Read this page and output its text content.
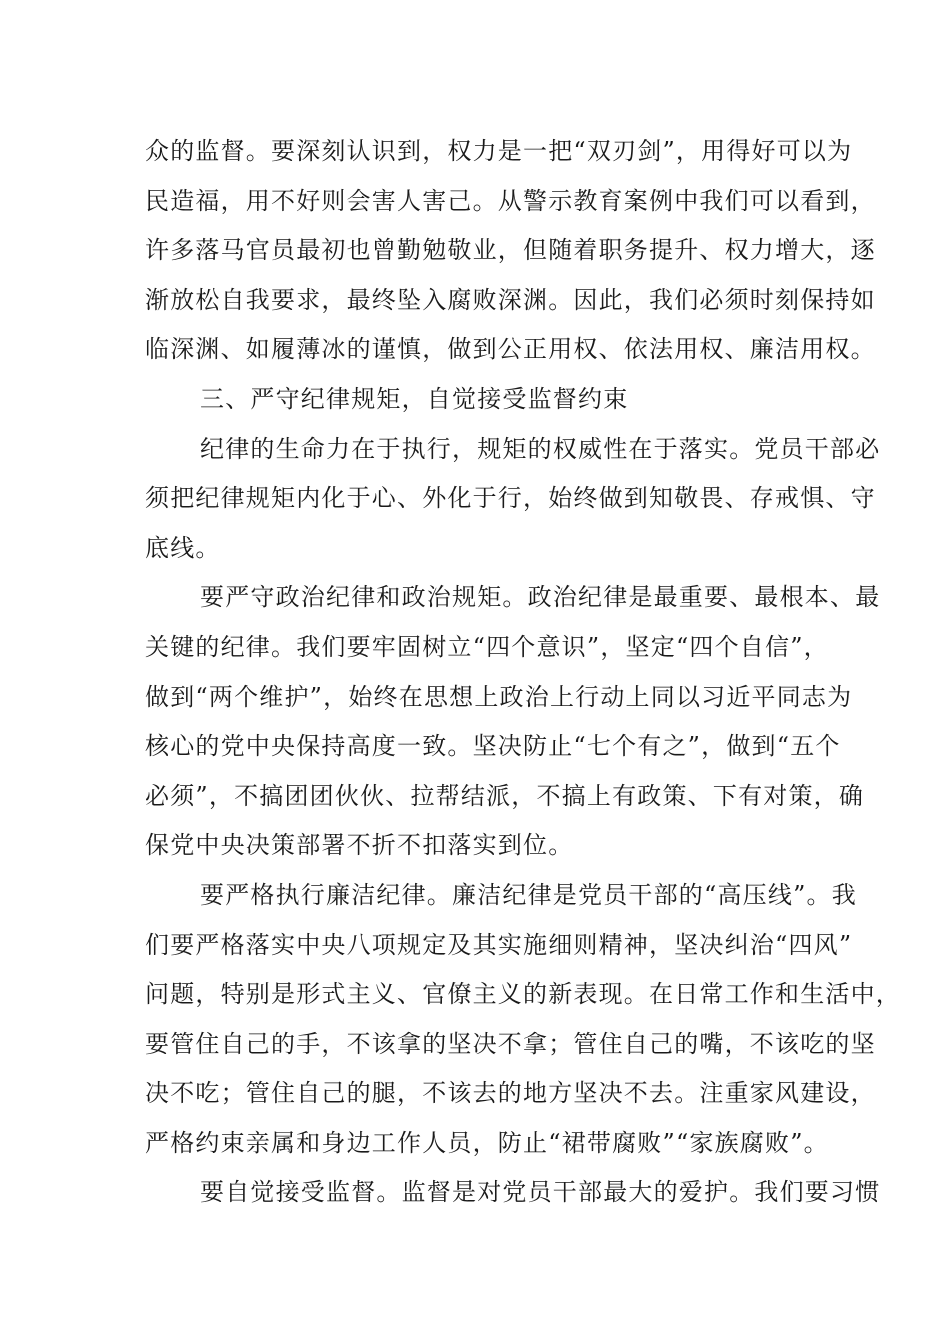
众的监督。要深刻认识到，权力是一把“双刃剑”，用得好可以为
民造福，用不好则会害人害己。从警示教育案例中我们可以看到，
许多落马官员最初也曾勤勉敬业，但随着职务提升、权力增大，逐
渐放松自我要求，最终坠入腐败深渊。因此，我们必须时刻保持如
临深渊、如履薄冰的谨慎，做到公正用权、依法用权、廉洁用权。
三、严守纪律规矩，自觉接受监督约束
纪律的生命力在于执行，规矩的权威性在于落实。党员干部必
须把纪律规矩内化于心、外化于行，始终做到知敬畏、存戒惧、守
底线。
要严守政治纪律和政治规矩。政治纪律是最重要、最根本、最
关键的纪律。我们要牢固树立“四个意识”，坚定“四个自信”，
做到“两个维护”，始终在思想上政治上行动上同以习近平同志为
核心的党中央保持高度一致。坚决防止“七个有之”，做到“五个
必须”，不搞团团伙伙、拉帮结派，不搞上有政策、下有对策，确
保党中央决策部署不折不扣落实到位。
要严格执行廉洁纪律。廉洁纪律是党员干部的“高压线”。我
们要严格落实中央八项规定及其实施细则精神，坚决纠治“四风”
问题，特别是形式主义、官僚主义的新表现。在日常工作和生活中，
要管住自己的手，不该拿的坚决不拿；管住自己的嘴，不该吃的坚
决不吃；管住自己的腿，不该去的地方坚决不去。注重家风建设，
严格约束亲属和身边工作人员，防止“裙带腐败”“家族腐败”。
要自觉接受监督。监督是对党员干部最大的爱护。我们要习惯
